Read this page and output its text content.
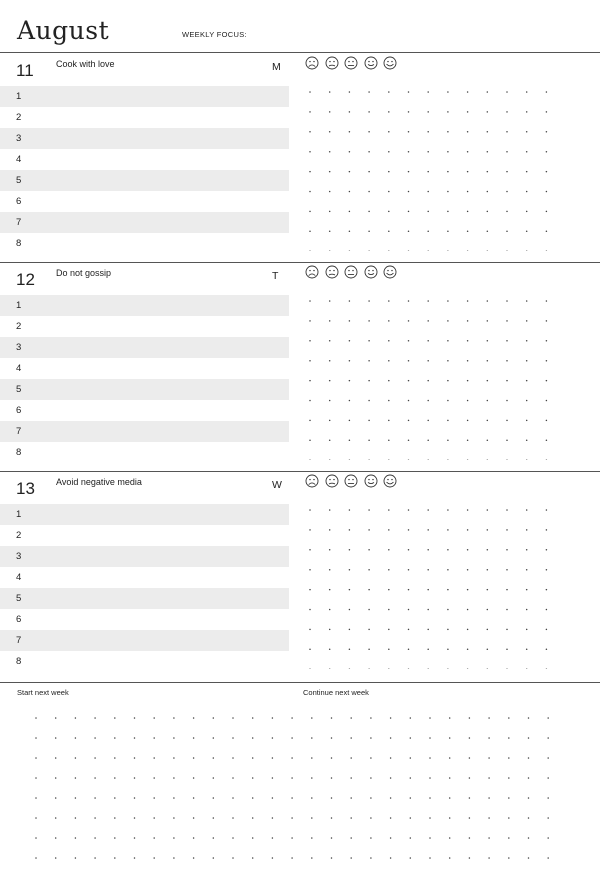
August	WEEKLY FOCUS:
11 Cook with love	M
1
2
3
4
5
6
7
8
12 Do not gossip	T
1
2
3
4
5
6
7
8
13 Avoid negative media	W
1
2
3
4
5
6
7
8
Start next week	Continue next week
